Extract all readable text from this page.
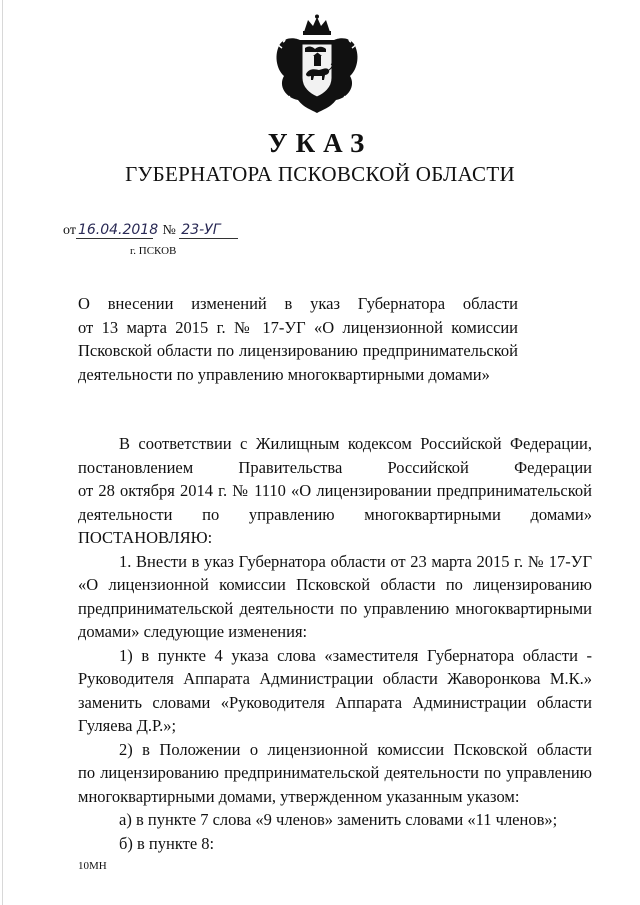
УКАЗ
ГУБЕРНАТОРА ПСКОВСКОЙ ОБЛАСТИ
от 16.04.2018 № 23-УГ
г. ПСКОВ
О внесении изменений в указ Губернатора области
от 13 марта 2015 г. № 17-УГ «О лицензионной комиссии
Псковской области по лицензированию предпринимательской
деятельности по управлению многоквартирными домами»
В соответствии с Жилищным кодексом Российской Федерации,
постановлением Правительства Российской Федерации
от 28 октября 2014 г. № 1110 «О лицензировании предпринимательской
деятельности по управлению многоквартирными домами»
ПОСТАНОВЛЯЮ:
1. Внести в указ Губернатора области от 23 марта 2015 г. № 17-УГ
«О лицензионной комиссии Псковской области по лицензированию
предпринимательской деятельности по управлению многоквартирными
домами» следующие изменения:
1) в пункте 4 указа слова «заместителя Губернатора области -
Руководителя Аппарата Администрации области Жаворонкова М.К.»
заменить словами «Руководителя Аппарата Администрации области
Гуляева Д.Р.»;
2) в Положении о лицензионной комиссии Псковской области
по лицензированию предпринимательской деятельности по управлению
многоквартирными домами, утвержденном указанным указом:
а) в пункте 7 слова «9 членов» заменить словами «11 членов»;
б) в пункте 8:
10МН
